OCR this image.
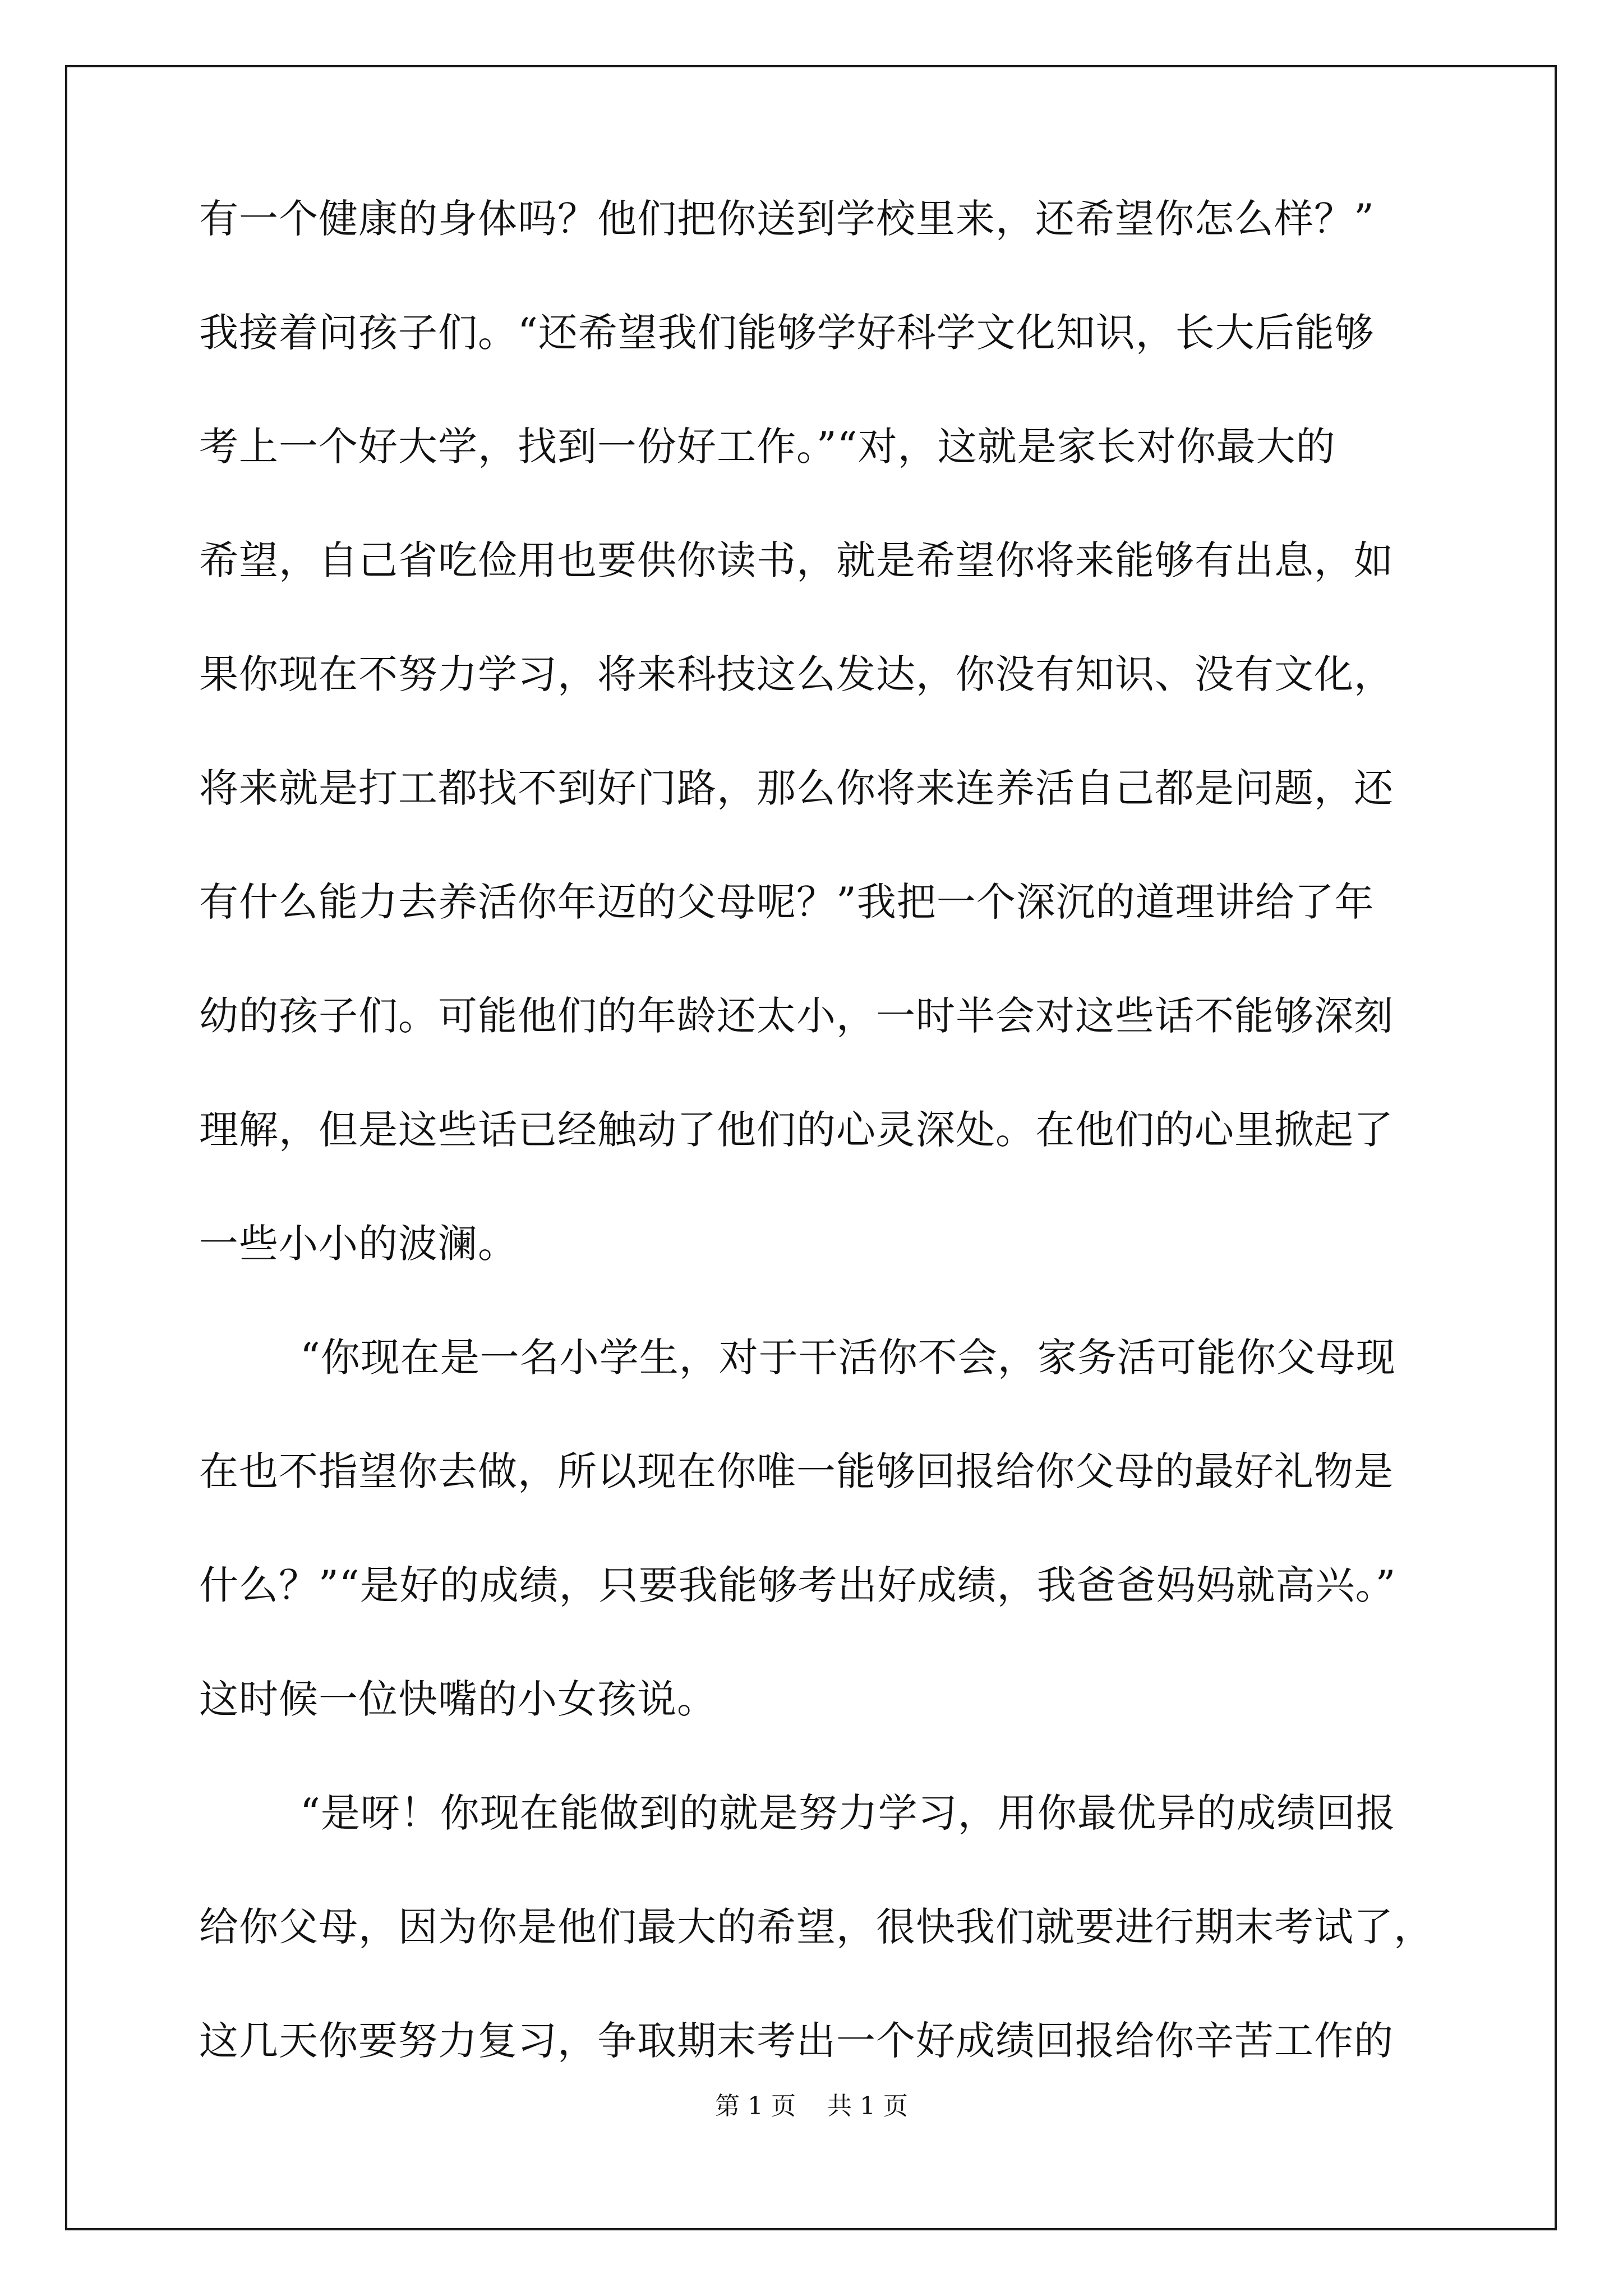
有一个健康的身体吗？他们把你送到学校里来，还希望你怎么样？”
我接着问孩子们。“还希望我们能够学好科学文化知识，长大后能够
考上一个好大学，找到一份好工作。”“对，这就是家长对你最大的
希望，自己省吃俭用也要供你读书，就是希望你将来能够有出息，如
果你现在不努力学习，将来科技这么发达，你没有知识、没有文化，
将来就是打工都找不到好门路，那么你将来连养活自己都是问题，还
有什么能力去养活你年迈的父母呢？”我把一个深沉的道理讲给了年
幼的孩子们。可能他们的年龄还太小，一时半会对这些话不能够深刻
理解，但是这些话已经触动了他们的心灵深处。在他们的心里掀起了
一些小小的波澜。
“你现在是一名小学生，对于干活你不会，家务活可能你父母现
在也不指望你去做，所以现在你唯一能够回报给你父母的最好礼物是
什么？”“是好的成绩，只要我能够考出好成绩，我爸爸妈妈就高兴。”
这时候一位快嘴的小女孩说。
“是呀！你现在能做到的就是努力学习，用你最优异的成绩回报
给你父母，因为你是他们最大的希望，很快我们就要进行期末考试了，
这几天你要努力复习，争取期末考出一个好成绩回报给你辛苦工作的
第 1 页    共 1 页
